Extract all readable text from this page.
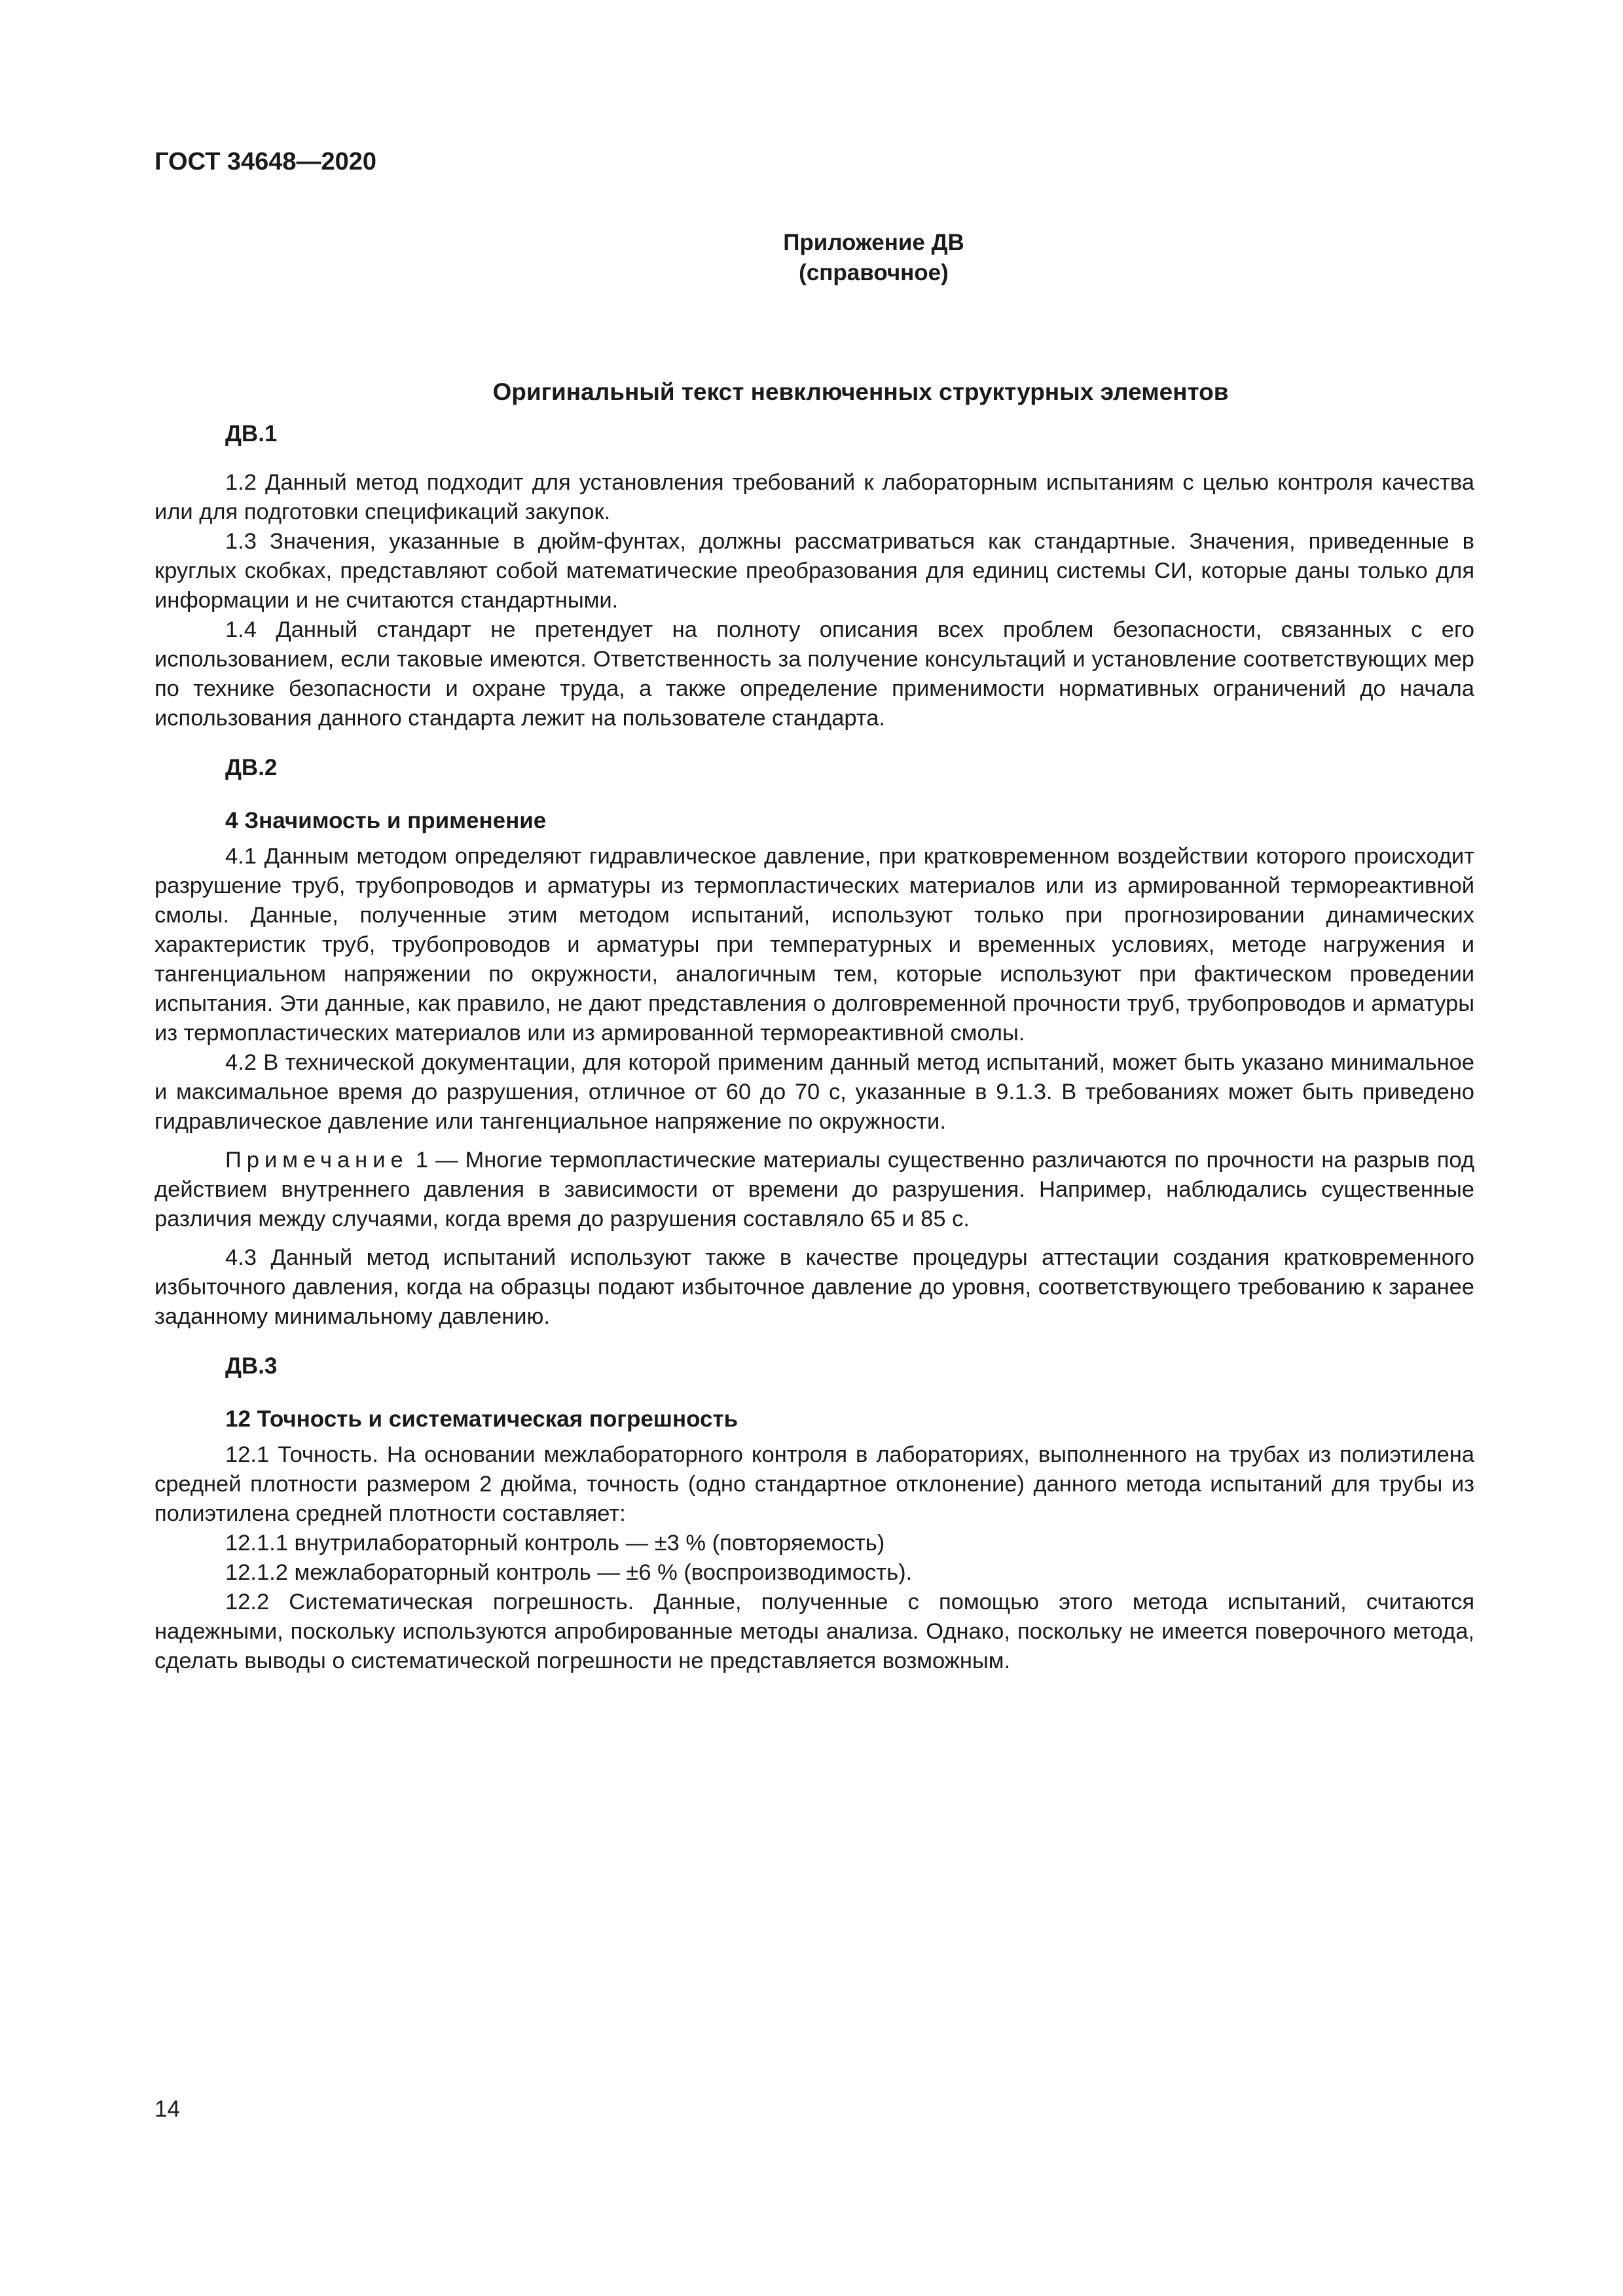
ГОСТ 34648—2020
Приложение ДВ
(справочное)
Оригинальный текст невключенных структурных элементов
ДВ.1

1.2 Данный метод подходит для установления требований к лабораторным испытаниям с целью контроля качества или для подготовки спецификаций закупок.

1.3 Значения, указанные в дюйм-фунтах, должны рассматриваться как стандартные. Значения, приведенные в круглых скобках, представляют собой математические преобразования для единиц системы СИ, которые даны только для информации и не считаются стандартными.

1.4 Данный стандарт не претендует на полноту описания всех проблем безопасности, связанных с его использованием, если таковые имеются. Ответственность за получение консультаций и установление соответствующих мер по технике безопасности и охране труда, а также определение применимости нормативных ограничений до начала использования данного стандарта лежит на пользователе стандарта.

ДВ.2
4 Значимость и применение

4.1 Данным методом определяют гидравлическое давление, при кратковременном воздействии которого происходит разрушение труб, трубопроводов и арматуры из термопластических материалов или из армированной термореактивной смолы. Данные, полученные этим методом испытаний, используют только при прогнозировании динамических характеристик труб, трубопроводов и арматуры при температурных и временных условиях, методе нагружения и тангенциальном напряжении по окружности, аналогичным тем, которые используют при фактическом проведении испытания. Эти данные, как правило, не дают представления о долговременной прочности труб, трубопроводов и арматуры из термопластических материалов или из армированной термореактивной смолы.

4.2 В технической документации, для которой применим данный метод испытаний, может быть указано минимальное и максимальное время до разрушения, отличное от 60 до 70 с, указанные в 9.1.3. В требованиях может быть приведено гидравлическое давление или тангенциальное напряжение по окружности.

Примечание 1 — Многие термопластические материалы существенно различаются по прочности на разрыв под действием внутреннего давления в зависимости от времени до разрушения. Например, наблюдались существенные различия между случаями, когда время до разрушения составляло 65 и 85 с.

4.3 Данный метод испытаний используют также в качестве процедуры аттестации создания кратковременного избыточного давления, когда на образцы подают избыточное давление до уровня, соответствующего требованию к заранее заданному минимальному давлению.

ДВ.3
12 Точность и систематическая погрешность

12.1 Точность. На основании межлабораторного контроля в лабораториях, выполненного на трубах из полиэтилена средней плотности размером 2 дюйма, точность (одно стандартное отклонение) данного метода испытаний для трубы из полиэтилена средней плотности составляет:

12.1.1 внутрилабораторный контроль — ±3 % (повторяемость)

12.1.2 межлабораторный контроль — ±6 % (воспроизводимость).

12.2 Систематическая погрешность. Данные, полученные с помощью этого метода испытаний, считаются надежными, поскольку используются апробированные методы анализа. Однако, поскольку не имеется поверочного метода, сделать выводы о систематической погрешности не представляется возможным.

14
